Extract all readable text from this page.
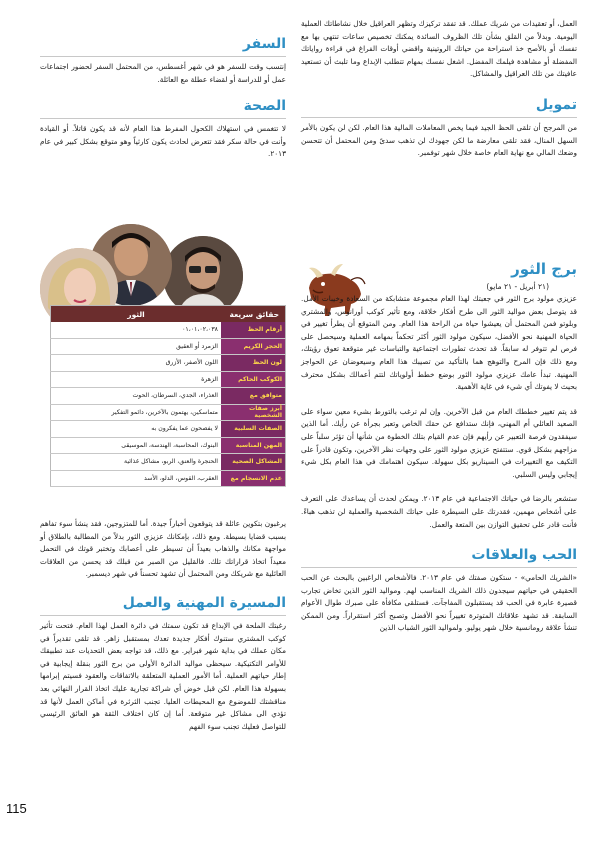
العمل، أو تعقيدات من شريك عملك. قد تفقد تركيزك وتظهر العراقيل خلال نشاطاتك العملية اليومية. وبدلاً من القلق بشأن تلك الظروف السائدة يمكنك تخصيص ساعات تنتهي بها مع تفسك أو بالأصح خذ استراحة من حياتك الروتينية واقضي أوقات الفراغ في قراءة رواياتك المفضلة أو مشاهدة فيلمك المفضل. اشغل نفسك بمهام تتطلب الإبداع وما تلبث أن تستعيد عافيتك من تلك العراقيل والمشاكل.

تمويل

من المرجح أن تلقى الحظ الجيد فيما يخص المعاملات المالية هذا العام. لكن لن يكون بالأمر السهل المنال، فقد تلقى معارضة ما لكن جهودك لن تذهب سدىً ومن المحتمل أن تتحسن وضعك المالي مع نهاية العام خاصة خلال شهر توفمبر.

برج الثور
(٢١ أبريل - ٢١ مايو)

عزيزي مولود برج الثور في جعبتك لهذا العام مجموعة متشابكة من السعادة وخيبات الأمل. قد يتوصل بعض مواليد الثور الى طرح أفكار خلاقة، ومع تأثير كوكب أورانوس، والمشتري وبلوتو فمن المحتمل أن يعيشوا حياة من الراحة هذا العام. ومن المتوقع أن يطرأ تغيير في الحياة المهنية نحو الأفضل، سيكون مولود الثور أكثر تحكماً بمهامه العملية وسيحصل على فرص لم تتوفر له سابقاً. قد تحدث تطورات اجتماعية والتباسات غير متوقعة تعوق رؤيتك، ومع ذلك فإن المرح والتوهج هما بالتأكيد من تصيبك هذا العام وسيعوضان عن الحواجز المهنية. تبدأ عامك عزيزي مولود الثور بوضع خطط أولوياتك لتتم أعمالك بشكل محترف بحيث لا يفوتك أي شيء في غاية الأهمية.

قد يتم تغيير خططك العام من قبل الآخرين. وإن لم ترغب بالتورط بشيء معين سواء على الصعيد العائلي أم المهني، فإنك ستدافع عن حقك الخاص وتعبر بجرأة عن رأيك. أما الذين سيفقدون فرصة التعبير عن رأيهم فإن عدم القيام بتلك الخطوة من شأنها أن تؤثر سلباً على مزاجهم بشكل قوي. ستتفتح عزيزي مولود الثور على وجهات نظر الآخرين، وتكون قادراً على التكيف مع التغييرات في السيناريو بكل سهولة. سيكون اهتمامك في هذا العام بكل شيء إيجابي وليس السلبي.

ستشعر بالرضا في حياتك الاجتماعية في عام ٢٠١٣. ويمكن لحدث أن يساعدك على التعرف على أشخاص مهمين، فقدرتك على السيطرة على حياتك الشخصية والعملية لن تذهب هباءً. فأنت قادر على تحقيق التوازن بين المتعة والعمل.

الحب والعلاقات

«الشريك الحامي» - ستكون صفتك في عام ٢٠١٣. فالأشخاص الراغبين بالبحث عن الحب الحقيقي في حياتهم سيجدون ذلك الشريك المناسب لهم. ومواليد الثور الذين تخاض تجارب قصيرة عابرة في الحب قد يستقبلون المفاجآت. فستلقى مكافأة على صبرك طوال الأعوام السابقة. قد تشهد علاقاتك المتوترة تغييراً نحو الأفضل وتصبح أكثر استقراراً. ومن الممكن تنشأ علاقة رومانسية خلال شهر يوليو. ولمواليد الثور الشباب الذين

السفر

إنتسب وقت للسفر هو في شهر أغسطس، من المحتمل السفر لحضور اجتماعات عمل أو للدراسة أو لقضاء عطلة مع العائلة.

الصحة

لا تتغمس في استهلاك الكحول المفرط هذا العام لأنه قد يكون قاتلاً. أو القيادة وأنت في حالة سكر فقد تتعرض لحادث يكون كارثياً وهو متوقع بشكل كبير في عام ٢٠١٣.

حقائق سريعة	الثور
أرقام الحظ	٠١،٠١،٠٢،٠٣٨
الحجر الكريم	الزمرد أو العقيق
لون الحظ	اللون الأصفر، الأزرق
الكوكب الحاكم	الزهرة
متوافق مع	العذراء، الجدي، السرطان، الحوت
أبرز صفات الشخصية	متماسكين، يهتمون بالآخرين، دائمو التفكير
الصفات السلبية	لا يفصحون عما يفكرون به
المهن المناسبة	البنوك، المحاسبة، الهندسة، الموسيقى
المشاكل الصحية	الحنجرة والعنق، الربو، مشاكل غذائية
عدم الانسجام مع	العقرب، القوس، الدلو، الأسد

يرغبون بتكوين عائلة قد يتوقعون أخباراً جيدة. أما للمتزوجين، فقد ينشأ سوء تفاهم بسبب قضايا بسيطة. ومع ذلك، بإمكانك عزيزي الثور بدلاً من المطالبة بالطلاق أو مواجهة مكانك والذهاب بعيداً أن تسيطر على أعصابك وتختبر قوتك في التحمل معيداً اتخاذ قراراتك تلك. فالقليل من الصبر من قبلك قد يحسن من العلاقات العائلية مع شريكك ومن المحتمل أن تشهد تحسناً في شهر ديسمبر.

المسيرة المهنية والعمل

رغبتك الملحة في الإبداع قد تكون سمتك في دائرة العمل لهذا العام. فتحت تأثير كوكب المشتري ستنوك أفكار جديدة تعدك بمستقبل زاهر. قد تلقى تقديراً في مكان عملك في بداية شهر فبراير. مع ذلك، قد تواجه بعض التحديات عند تطبيقك للأوامر التكتيكية. سيحظى مواليد الدائرة الأولى من برج الثور بنقلة إيجابية في إطار حياتهم العملية. أما الأمور العملية المتعلقة بالاتفاقات والعقود فسيتم إبرامها بسهولة هذا العام. لكن قبل خوض أي شراكة تجارية عليك اتخاذ القرار النهائي بعد مناقشتك للموضوع مع المحيطات العليا. تجنب الثرثرة في أماكن العمل لأنها قد تؤدي الى مشاكل غير متوقعة. أما إن كان اختلاف الثقة هو العائق الرئيسي للتواصل فعليك تجنب سوء الفهم

115
